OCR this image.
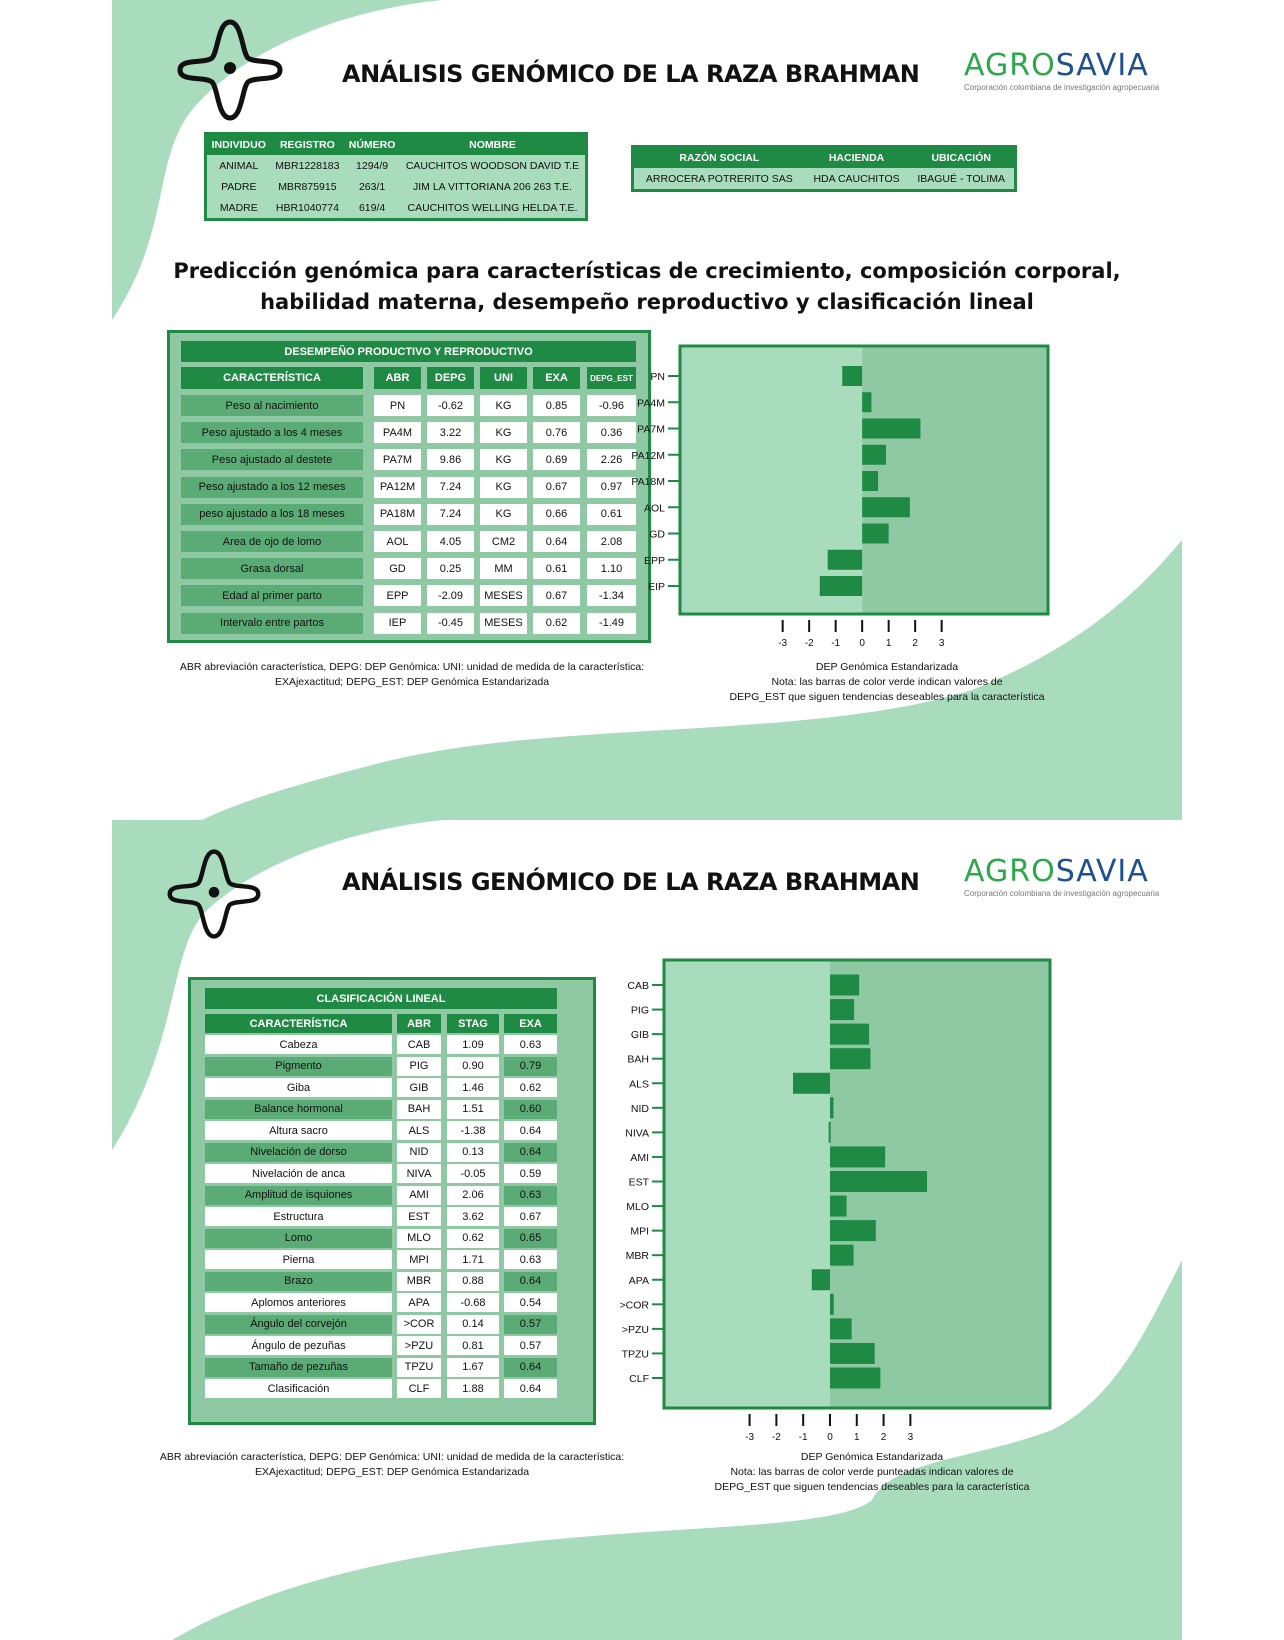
ANÁLISIS GENÓMICO DE LA RAZA BRAHMAN AGROSAVIA
Corporación colombiana de investigación agropecuaria
INDIVIDUO	REGISTRO	NÚMERO	NOMBRE
ANIMAL	MBR1228183	1294/9	CAUCHITOS WOODSON DAVID T.E
PADRE	MBR875915	263/1	JIM LA VITTORIANA 206 263 T.E.
MADRE	HBR1040774	619/4	CAUCHITOS WELLING HELDA T.E.
RAZÓN SOCIAL	HACIENDA	UBICACIÓN
ARROCERA POTRERITO SAS	HDA CAUCHITOS	IBAGUÉ - TOLIMA
Predicción genómica para características de crecimiento, composición corporal,
habilidad materna, desempeño reproductivo y clasificación lineal
DESEMPEÑO PRODUCTIVO Y REPRODUCTIVO
CARACTERÍSTICA	ABR	DEPG	UNI	EXA	DEPG_EST
Peso al nacimiento	PN	-0.62	KG	0.85	-0.96
Peso ajustado a los 4 meses	PA4M	3.22	KG	0.76	0.36
Peso ajustado al destete	PA7M	9.86	KG	0.69	2.26
Peso ajustado a los 12 meses	PA12M	7.24	KG	0.67	0.97
peso ajustado a los 18 meses	PA18M	7.24	KG	0.66	0.61
Area de ojo de lomo	AOL	4.05	CM2	0.64	2.08
Grasa dorsal	GD	0.25	MM	0.61	1.10
Edad al primer parto	EPP	-2.09	MESES	0.67	-1.34
Intervalo entre partos	IEP	-0.45	MESES	0.62	-1.49
PN
PA4M
PA7M
PA12M
PA18M
AOL
GD
EPP
EIP
-3 -2 -1 0 1 2 3
ABR abreviación característica, DEPG: DEP Genómica: UNI: unidad de medida de la característica:
EXAjexactitud; DEPG_EST: DEP Genómica Estandarizada
DEP Genómica Estandarizada
Nota: las barras de color verde indican valores de
DEPG_EST que siguen tendencias deseables para la característica
ANÁLISIS GENÓMICO DE LA RAZA BRAHMAN AGROSAVIA
Corporación colombiana de investigación agropecuaria
CLASIFICACIÓN LINEAL
CARACTERÍSTICA	ABR	STAG	EXA
Cabeza	CAB	1.09	0.63
Pigmento	PIG	0.90	0.79
Giba	GIB	1.46	0.62
Balance hormonal	BAH	1.51	0.60
Altura sacro	ALS	-1.38	0.64
Nivelación de dorso	NID	0.13	0.64
Nivelación de anca	NIVA	-0.05	0.59
Amplitud de isquiones	AMI	2.06	0.63
Estructura	EST	3.62	0.67
Lomo	MLO	0.62	0.65
Pierna	MPI	1.71	0.63
Brazo	MBR	0.88	0.64
Aplomos anteriores	APA	-0.68	0.54
Ángulo del corvejón	>COR	0.14	0.57
Ángulo de pezuñas	>PZU	0.81	0.57
Tamaño de pezuñas	TPZU	1.67	0.64
Clasificación	CLF	1.88	0.64
CAB
PIG
GIB
BAH
ALS
NID
NIVA
AMI
EST
MLO
MPI
MBR
APA
>COR
>PZU
TPZU
CLF
-3 -2 -1 0 1 2 3
ABR abreviación característica, DEPG: DEP Genómica: UNI: unidad de medida de la característica:
EXAjexactitud; DEPG_EST: DEP Genómica Estandarizada
DEP Genómica Estandarizada
Nota: las barras de color verde punteadas indican valores de
DEPG_EST que siguen tendencias deseables para la característica
